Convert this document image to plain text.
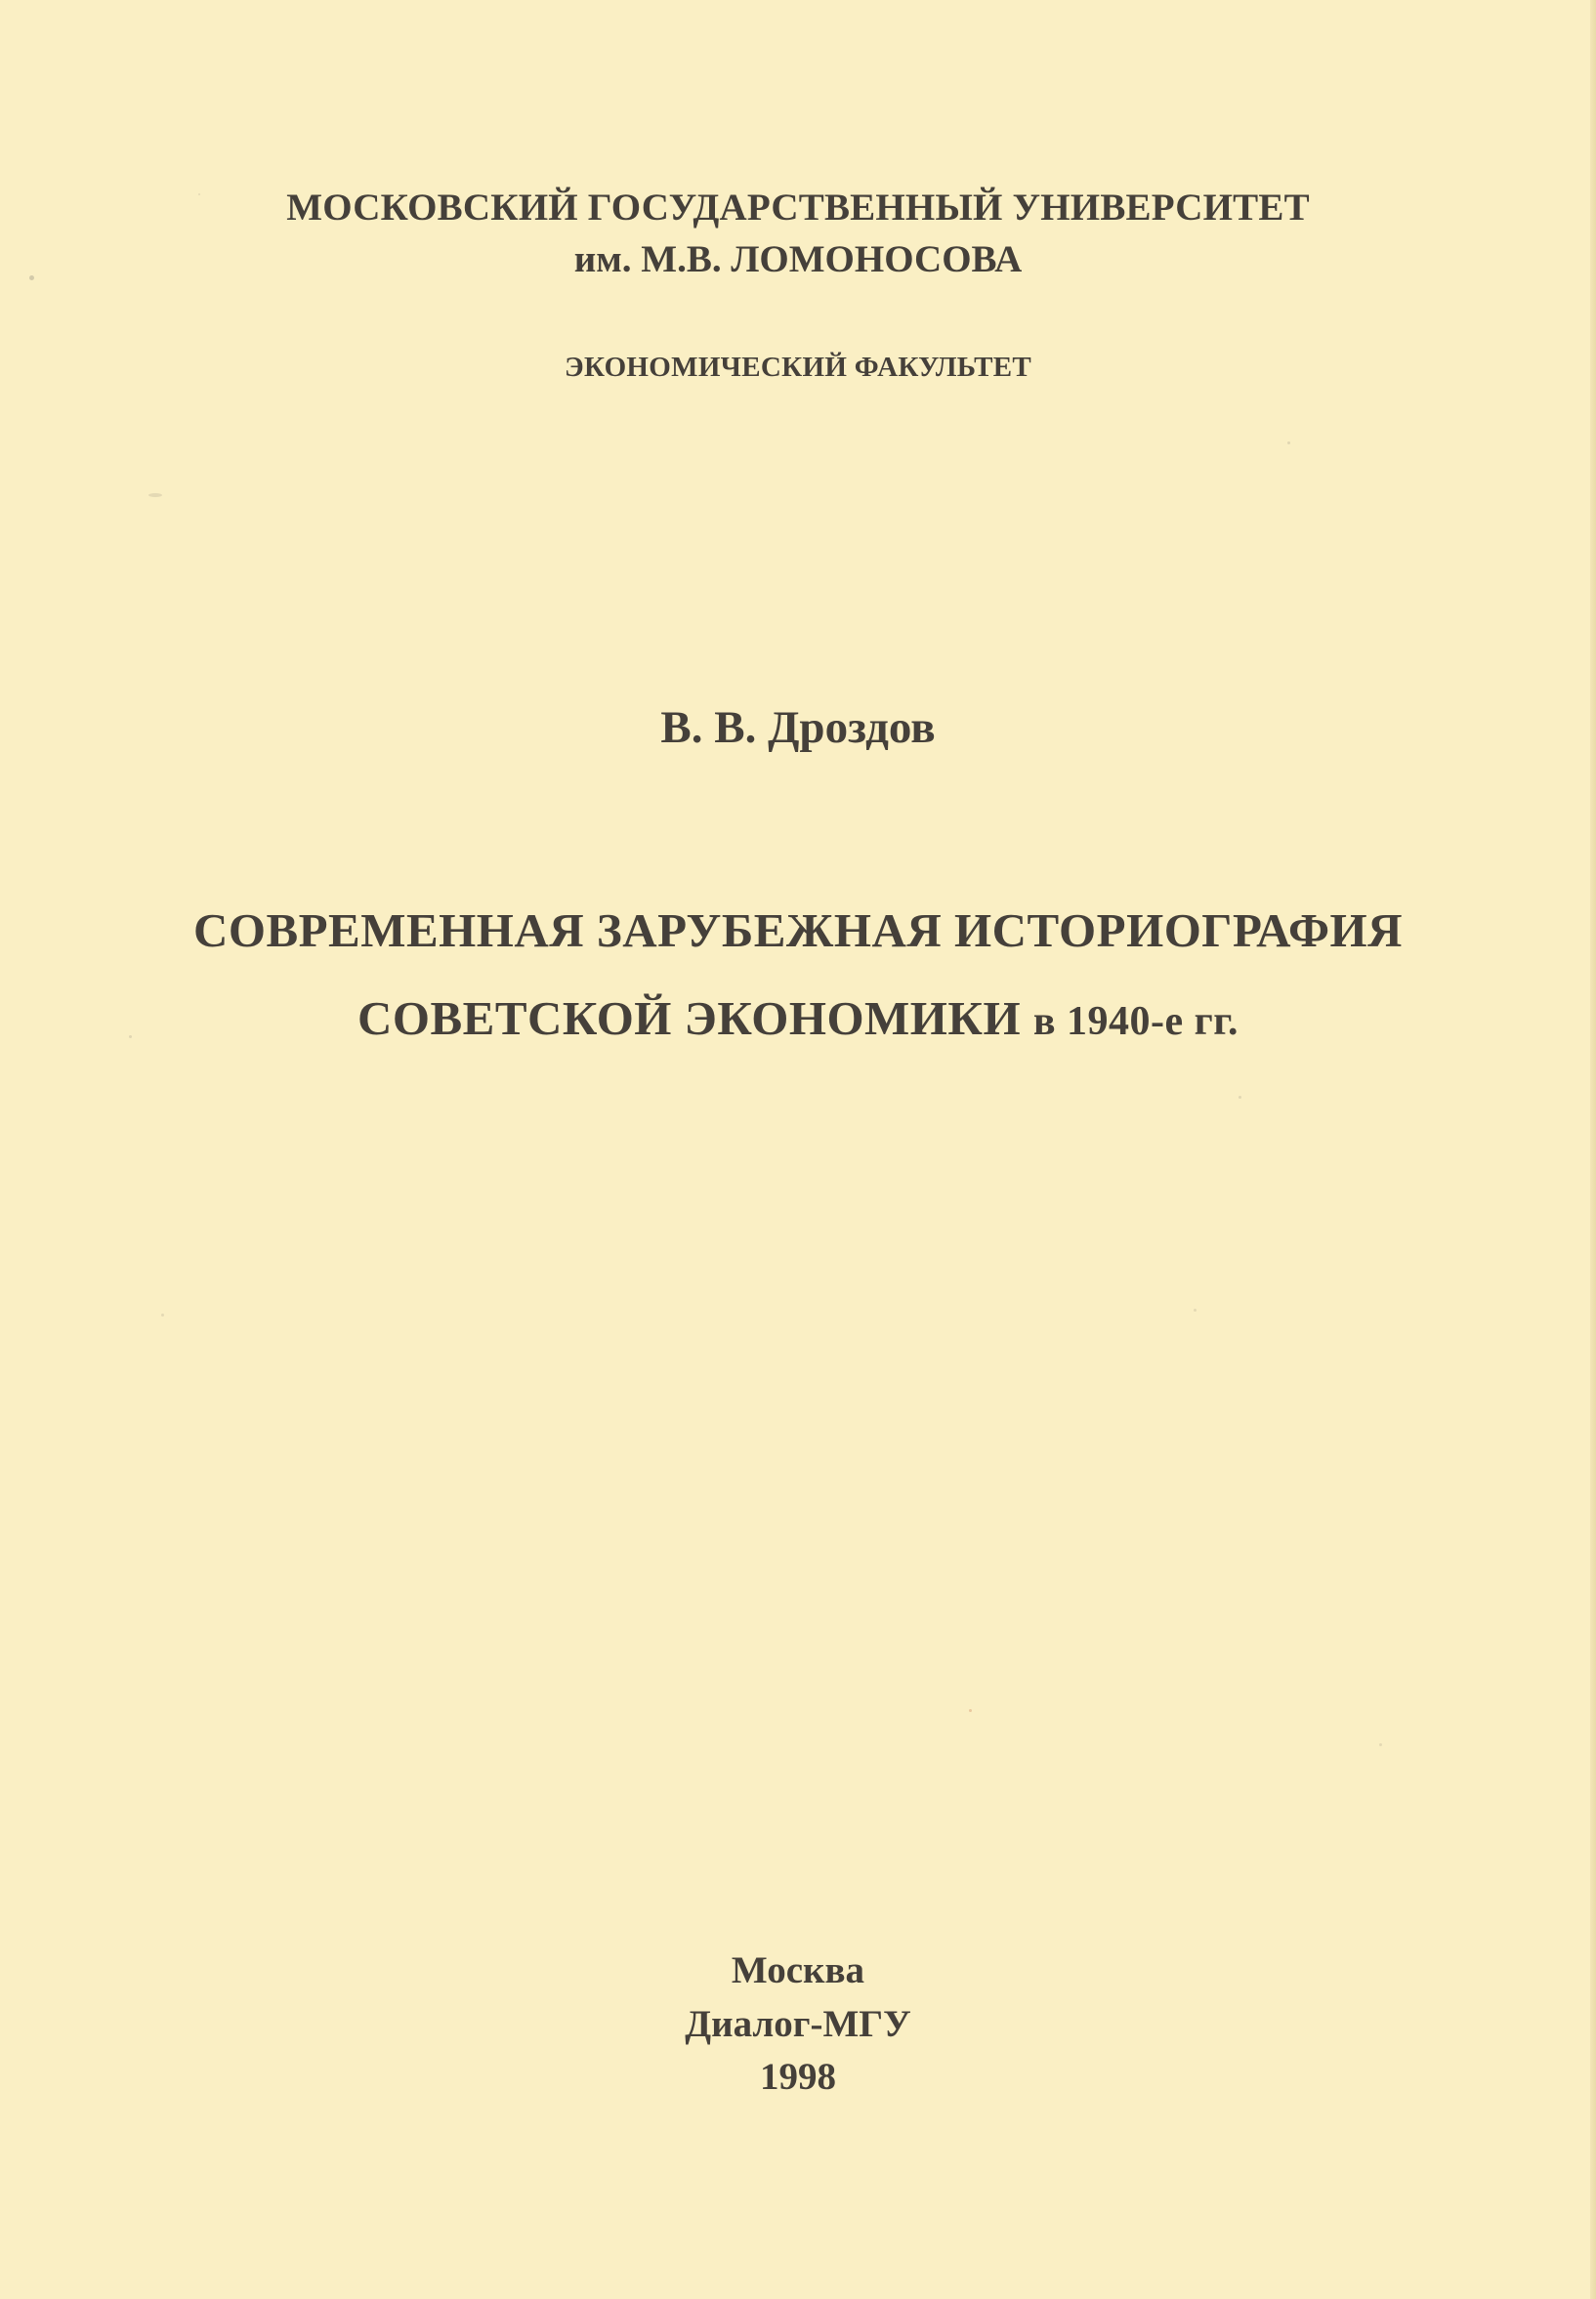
МОСКОВСКИЙ ГОСУДАРСТВЕННЫЙ УНИВЕРСИТЕТ
им. М.В. ЛОМОНОСОВА
ЭКОНОМИЧЕСКИЙ ФАКУЛЬТЕТ
В. В. Дроздов
СОВРЕМЕННАЯ ЗАРУБЕЖНАЯ ИСТОРИОГРАФИЯ
СОВЕТСКОЙ ЭКОНОМИКИ в 1940-е гг.
Москва
Диалог-МГУ
1998
